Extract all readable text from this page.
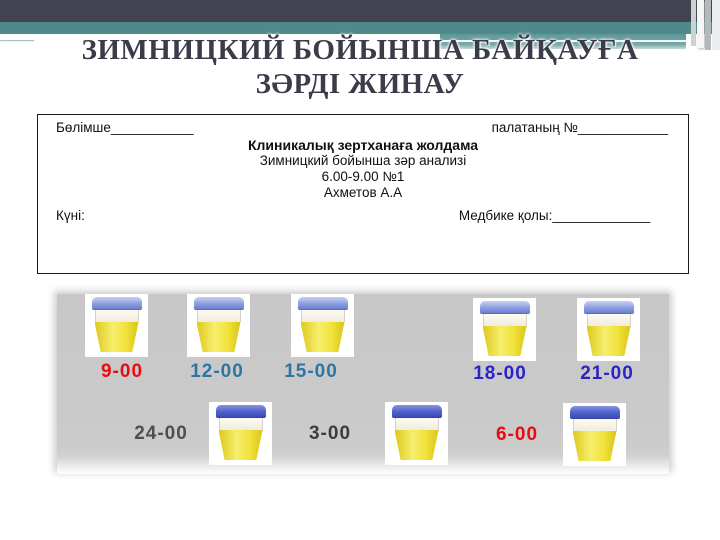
ЗИМНИЦКИЙ БОЙЫНША БАЙҚАУҒА
ЗӘРДІ ЖИНАУ
Бөлімше___________	палатаның №____________
Клиникалық зертханаға жолдама
Зимницкий бойынша зәр анализі
6.00-9.00 №1
Ахметов А.А
Күні:	Медбике қолы:_____________
9-00	12-00	15-00	18-00	21-00
24-00	3-00	6-00
